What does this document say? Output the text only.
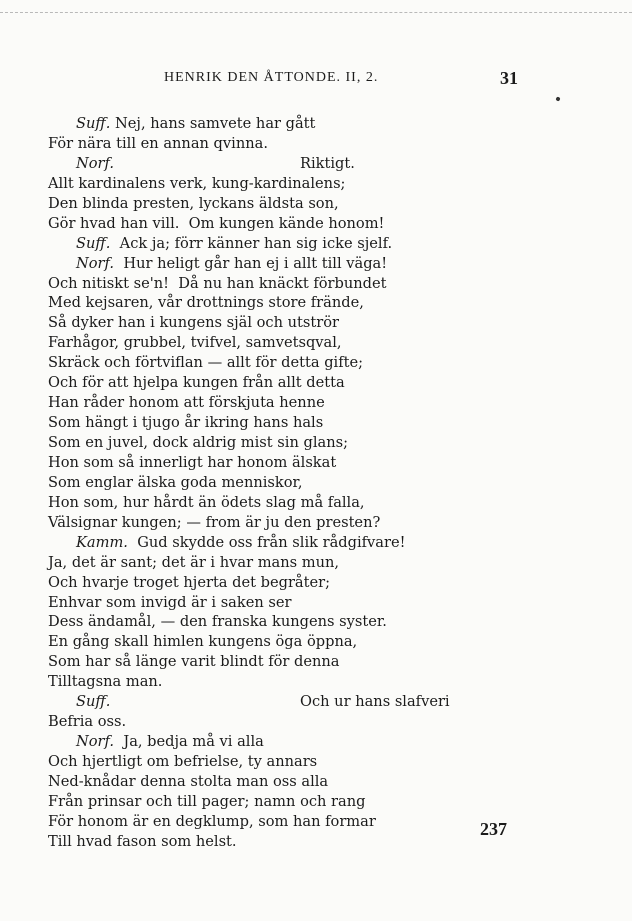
HENRIK DEN ÅTTONDE. II, 2.	31
Suff. Nej, hans samvete har gått
För nära till en annan qvinna.
Norf.	Riktigt.
Allt kardinalens verk, kung-kardinalens;
Den blinda presten, lyckans äldsta son,
Gör hvad han vill.  Om kungen kände honom!
Suff.  Ack ja; förr känner han sig icke sjelf.
Norf.  Hur heligt går han ej i allt till väga!
Och nitiskt se'n!  Då nu han knäckt förbundet
Med kejsaren, vår drottnings store frände,
Så dyker han i kungens själ och utströr
Farhågor, grubbel, tvifvel, samvetsqval,
Skräck och förtviflan — allt för detta gifte;
Och för att hjelpa kungen från allt detta
Han råder honom att förskjuta henne
Som hängt i tjugo år ikring hans hals
Som en juvel, dock aldrig mist sin glans;
Hon som så innerligt har honom älskat
Som englar älska goda menniskor,
Hon som, hur hårdt än ödets slag må falla,
Välsignar kungen; — from är ju den presten?
Kamm.  Gud skydde oss från slik rådgifvare!
Ja, det är sant; det är i hvar mans mun,
Och hvarje troget hjerta det begråter;
Enhvar som invigd är i saken ser
Dess ändamål, — den franska kungens syster.
En gång skall himlen kungens öga öppna,
Som har så länge varit blindt för denna
Tilltagsna man.
Suff.	Och ur hans slafveri
Befria oss.
Norf.  Ja, bedja må vi alla
Och hjertligt om befrielse, ty annars
Ned-knådar denna stolta man oss alla
Från prinsar och till pager; namn och rang
För honom är en degklump, som han formar
Till hvad fason som helst.
237
